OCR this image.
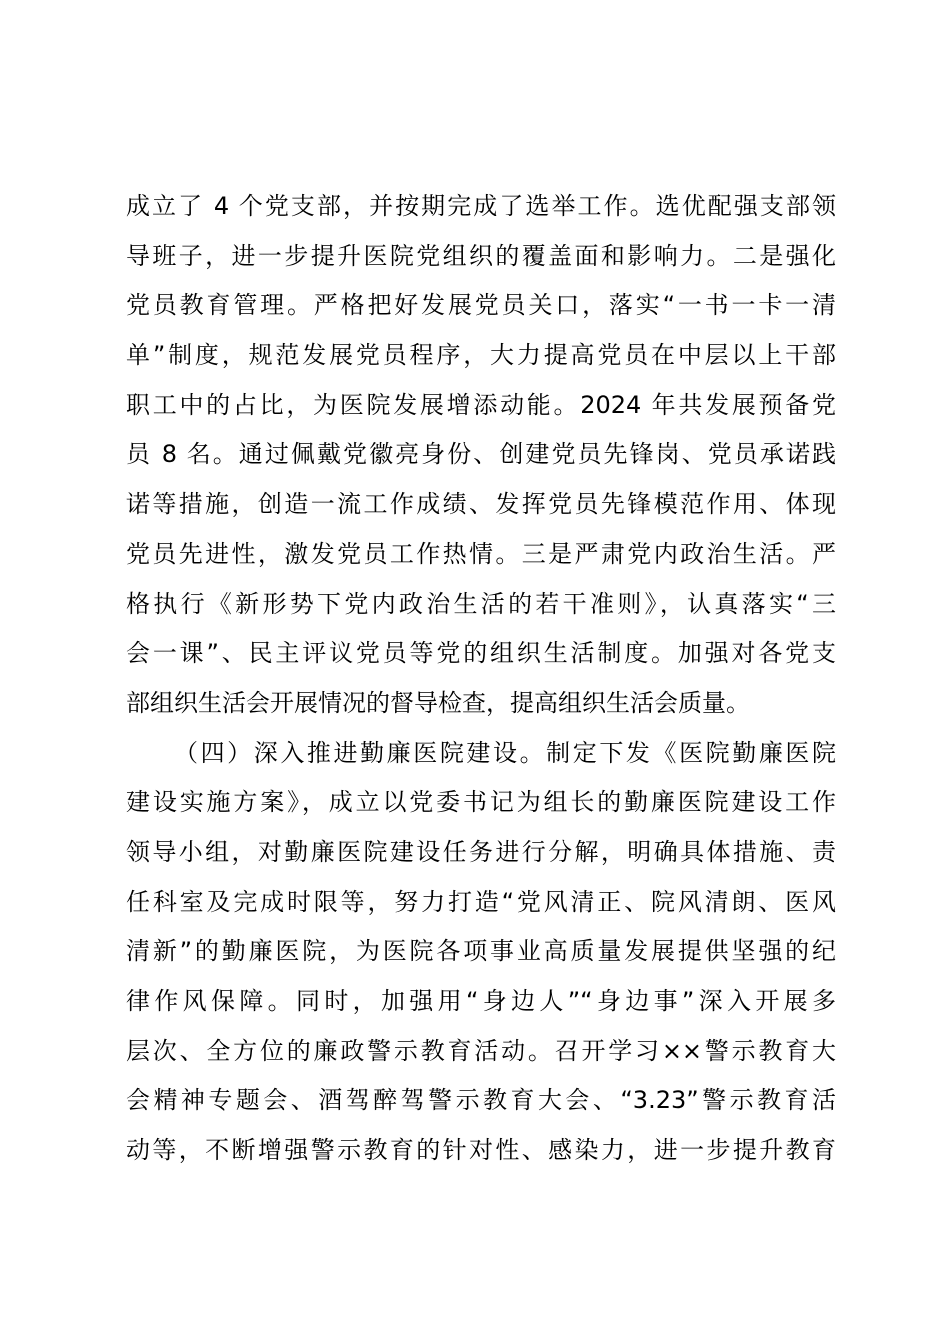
成立了 4 个党支部，并按期完成了选举工作。选优配强支部领
导班子，进一步提升医院党组织的覆盖面和影响力。二是强化
党员教育管理。严格把好发展党员关口，落实“一书一卡一清
单”制度，规范发展党员程序，大力提高党员在中层以上干部
职工中的占比，为医院发展增添动能。2024 年共发展预备党
员 8 名。通过佩戴党徽亮身份、创建党员先锋岗、党员承诺践
诺等措施，创造一流工作成绩、发挥党员先锋模范作用、体现
党员先进性，激发党员工作热情。三是严肃党内政治生活。严
格执行《新形势下党内政治生活的若干准则》，认真落实“三
会一课”、民主评议党员等党的组织生活制度。加强对各党支
部组织生活会开展情况的督导检查，提高组织生活会质量。
（四）深入推进勤廉医院建设。制定下发《医院勤廉医院
建设实施方案》，成立以党委书记为组长的勤廉医院建设工作
领导小组，对勤廉医院建设任务进行分解，明确具体措施、责
任科室及完成时限等，努力打造“党风清正、院风清朗、医风
清新”的勤廉医院，为医院各项事业高质量发展提供坚强的纪
律作风保障。同时，加强用“身边人”“身边事”深入开展多
层次、全方位的廉政警示教育活动。召开学习××警示教育大
会精神专题会、酒驾醉驾警示教育大会、“3.23”警示教育活
动等，不断增强警示教育的针对性、感染力，进一步提升教育
